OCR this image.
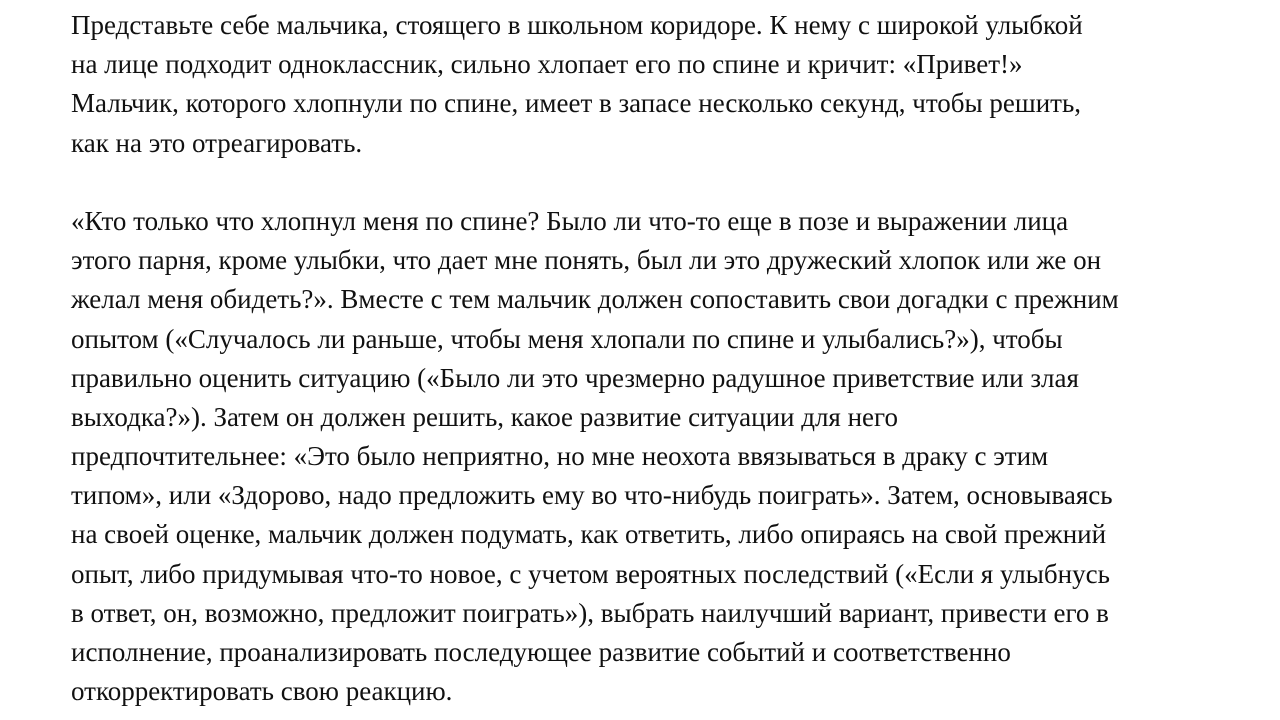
Представьте себе мальчика, стоящего в школьном коридоре. К нему с широкой улыбкой
на лице подходит одноклассник, сильно хлопает его по спине и кричит: «Привет!»
Мальчик, которого хлопнули по спине, имеет в запасе несколько секунд, чтобы решить,
как на это отреагировать.
«Кто только что хлопнул меня по спине? Было ли что-то еще в позе и выражении лица
этого парня, кроме улыбки, что дает мне понять, был ли это дружеский хлопок или же он
желал меня обидеть?». Вместе с тем мальчик должен сопоставить свои догадки с прежним
опытом («Случалось ли раньше, чтобы меня хлопали по спине и улыбались?»), чтобы
правильно оценить ситуацию («Было ли это чрезмерно радушное приветствие или злая
выходка?»). Затем он должен решить, какое развитие ситуации для него
предпочтительнее: «Это было неприятно, но мне неохота ввязываться в драку с этим
типом», или «Здорово, надо предложить ему во что-нибудь поиграть». Затем, основываясь
на своей оценке, мальчик должен подумать, как ответить, либо опираясь на свой прежний
опыт, либо придумывая что-то новое, с учетом вероятных последствий («Если я улыбнусь
в ответ, он, возможно, предложит поиграть»), выбрать наилучший вариант, привести его в
исполнение, проанализировать последующее развитие событий и соответственно
откорректировать свою реакцию.
